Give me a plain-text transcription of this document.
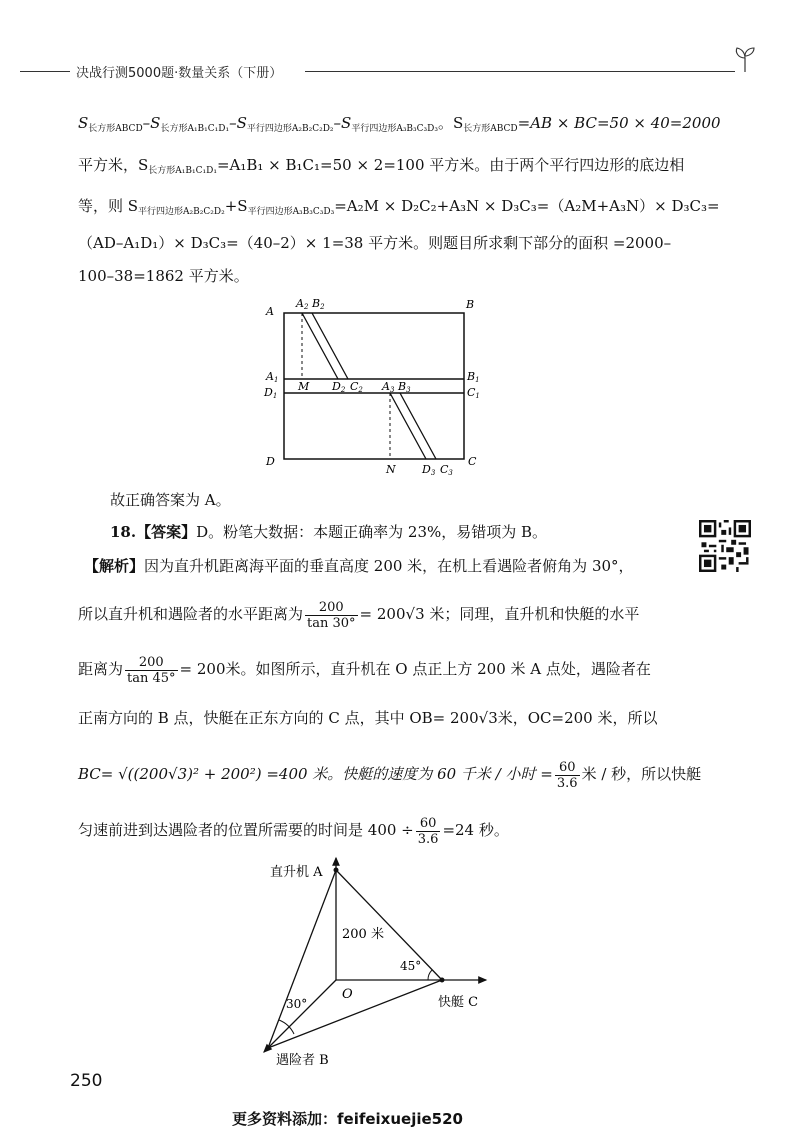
决战行测5000题·数量关系（下册）
$S_{长方形ABCD}-S_{长方形A_1B_1C_1D_1}-S_{平行四边形A_2B_2C_2D_2}-S_{平行四边形A_3B_3C_3D_3}$。$S_{长方形ABCD}=AB \times BC=50 \times 40=2000$
平方米，$S_{长方形A_1B_1C_1D_1}=A_1B_1 \times B_1C_1=50 \times 2=100$ 平方米。由于两个平行四边形的底边相
等，则 $S_{平行四边形A_2B_2C_2D_2}+S_{平行四边形A_3B_3C_3D_3}=A_2M \times D_2C_2+A_3N \times D_3C_3=(A_2M+A_3N)\times D_3C_3=$
（AD–A₁D₁）× D₃C₃=（40–2）× 1=38 平方米。则题目所求剩下部分的面积 =2000–
100–38=1862 平方米。
A
A2 B2	B
A1
D1
M D2 C2 A3 B3
B1
C1
D
N D3 C3
C
故正确答案为 A。
18.【答案】D。粉笔大数据：本题正确率为 23%，易错项为 B。
【解析】因为直升机距离海平面的垂直高度 200 米，在机上看遇险者俯角为 30°，
所以直升机和遇险者的水平距离为 $\frac{200}{\tan 30^\circ} = 200√3$ 米；同理，直升机和快艇的水平
距离为 $\frac{200}{\tan 45^\circ} = 200$米。如图所示，直升机在 O 点正上方 200 米 A 点处，遇险者在
正南方向的 B 点，快艇在正东方向的 C 点，其中 OB= 200√3米，OC=200 米，所以
BC= √((200√3)² + 200²) =400 米。快艇的速度为 60 千米 / 小时 = $\frac{60}{3.6}$ 米 / 秒，所以快艇
匀速前进到达遇险者的位置所需要的时间是 $400 \div \frac{60}{3.6} =24$ 秒。
直升机 A
200 米
45°
O
30°	快艇 C
遇险者 B
250
更多资料添加：feifeixuejie520
